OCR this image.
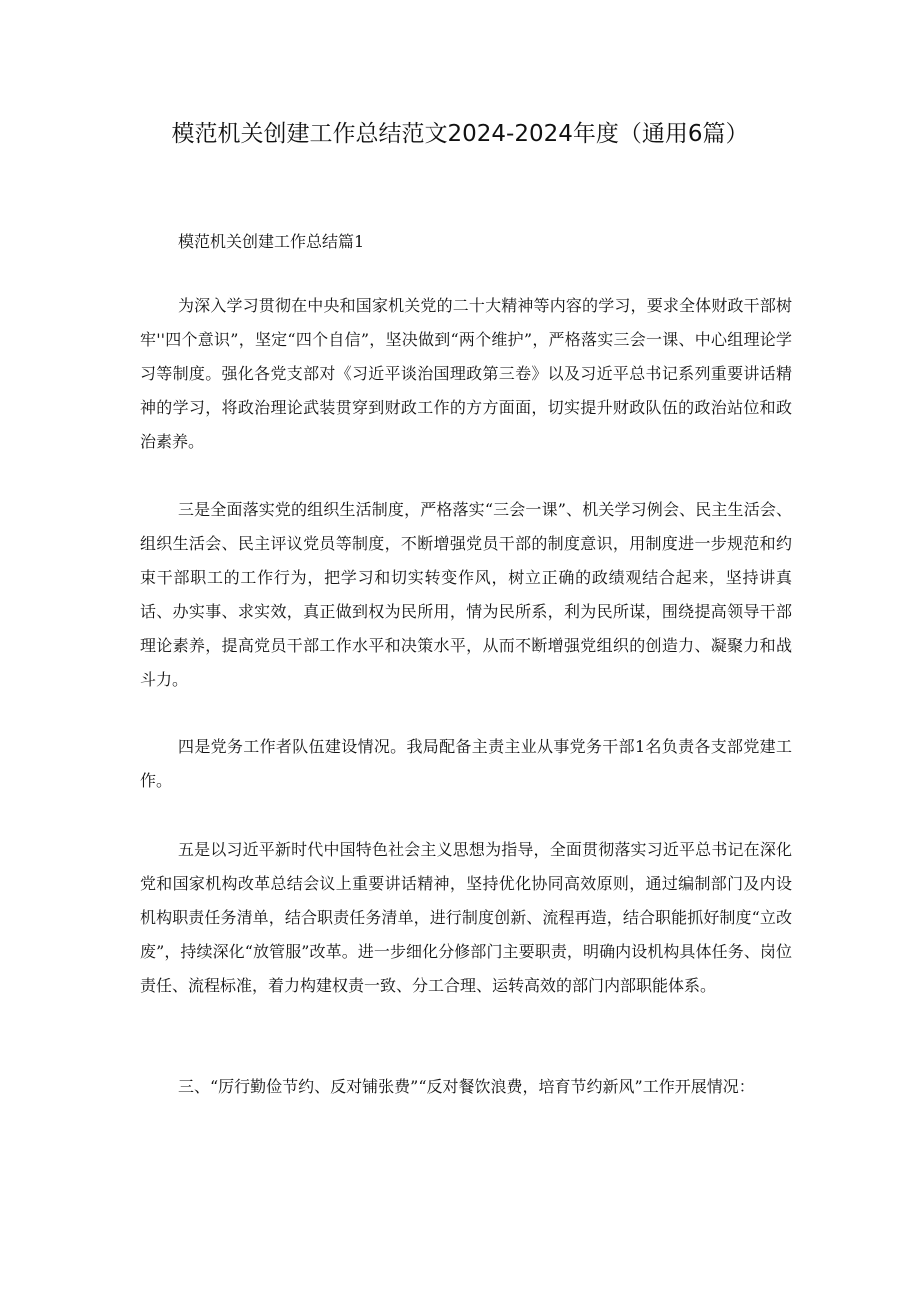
模范机关创建工作总结范文2024-2024年度（通用6篇）
模范机关创建工作总结篇1

为深入学习贯彻在中央和国家机关党的二十大精神等内容的学习，要求全体财政干部树牢''四个意识”，坚定“四个自信”，坚决做到“两个维护”，严格落实三会一课、中心组理论学习等制度。强化各党支部对《习近平谈治国理政第三卷》以及习近平总书记系列重要讲话精神的学习，将政治理论武装贯穿到财政工作的方方面面，切实提升财政队伍的政治站位和政治素养。

三是全面落实党的组织生活制度，严格落实“三会一课”、机关学习例会、民主生活会、组织生活会、民主评议党员等制度，不断增强党员干部的制度意识，用制度进一步规范和约束干部职工的工作行为，把学习和切实转变作风，树立正确的政绩观结合起来，坚持讲真话、办实事、求实效，真正做到权为民所用，情为民所系，利为民所谋，围绕提高领导干部理论素养，提高党员干部工作水平和决策水平，从而不断增强党组织的创造力、凝聚力和战斗力。

四是党务工作者队伍建设情况。我局配备主责主业从事党务干部1名负责各支部党建工作。

五是以习近平新时代中国特色社会主义思想为指导，全面贯彻落实习近平总书记在深化党和国家机构改革总结会议上重要讲话精神，坚持优化协同高效原则，通过编制部门及内设机构职责任务清单，结合职责任务清单，进行制度创新、流程再造，结合职能抓好制度“立改废”，持续深化“放管服”改革。进一步细化分修部门主要职责，明确内设机构具体任务、岗位责任、流程标准，着力构建权责一致、分工合理、运转高效的部门内部职能体系。

三、“厉行勤俭节约、反对铺张费”“反对餐饮浪费，培育节约新风”工作开展情况：
